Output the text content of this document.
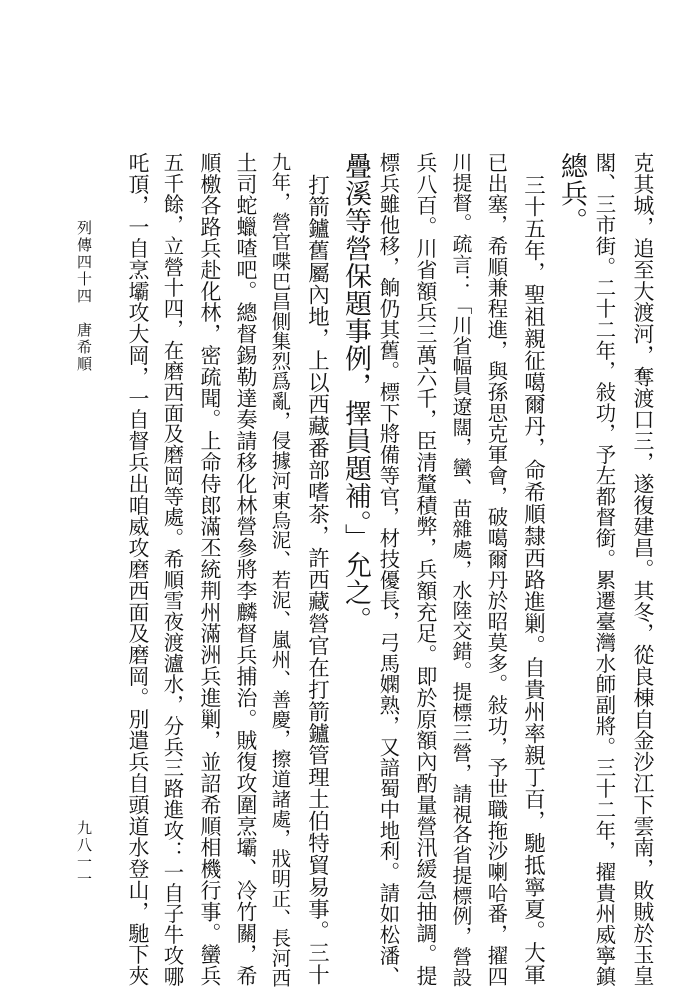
克其城，追至大渡河，奪渡口三，遂復建昌。其冬，從良棟自金沙江下雲南，敗賊於玉皇
閣、三市街。二十二年，敍功，予左都督銜。累遷臺灣水師副將。三十二年，擢貴州威寧鎮
總兵。
　三十五年，聖祖親征噶爾丹，命希順隸西路進剿。自貴州率親丁百，馳抵寧夏。大軍
已出塞，希順兼程進，與孫思克軍會，破噶爾丹於昭莫多。敍功，予世職拖沙喇哈番，擢四
川提督。疏言：「川省幅員遼闊，蠻、苗雜處，水陸交錯。提標三營，請視各省提標例，營設
兵八百。川省額兵三萬六千，臣清釐積弊，兵額充足。即於原額內酌量營汛緩急抽調。提
標兵雖他移，餉仍其舊。標下將備等官，材技優長，弓馬嫻熟，又諳蜀中地利。請如松潘、
疊溪等營保題事例，擇員題補。」允之。
　打箭鑪舊屬內地，上以西藏番部嗜茶，許西藏營官在打箭鑪管理土伯特貿易事。三十
九年，營官喋巴昌側集烈爲亂，侵據河東烏泥、若泥、嵐州、善慶，擦道諸處，戕明正、長河西
土司蛇蠟喳吧。總督錫勒達奏請移化林營參將李麟督兵捕治。賊復攻圍烹壩、冷竹關，希
順檄各路兵赴化林，密疏聞。上命侍郎滿丕統荆州滿洲兵進剿，並詔希順相機行事。蠻兵
五千餘，立營十四，在磨西面及磨岡等處。希順雪夜渡瀘水，分兵三路進攻：一自子牛攻哪
吒頂，一自烹壩攻大岡，一自督兵出咱威攻磨西面及磨岡。別遣兵自頭道水登山，馳下夾
列傳四十四　唐希順
九八一一
